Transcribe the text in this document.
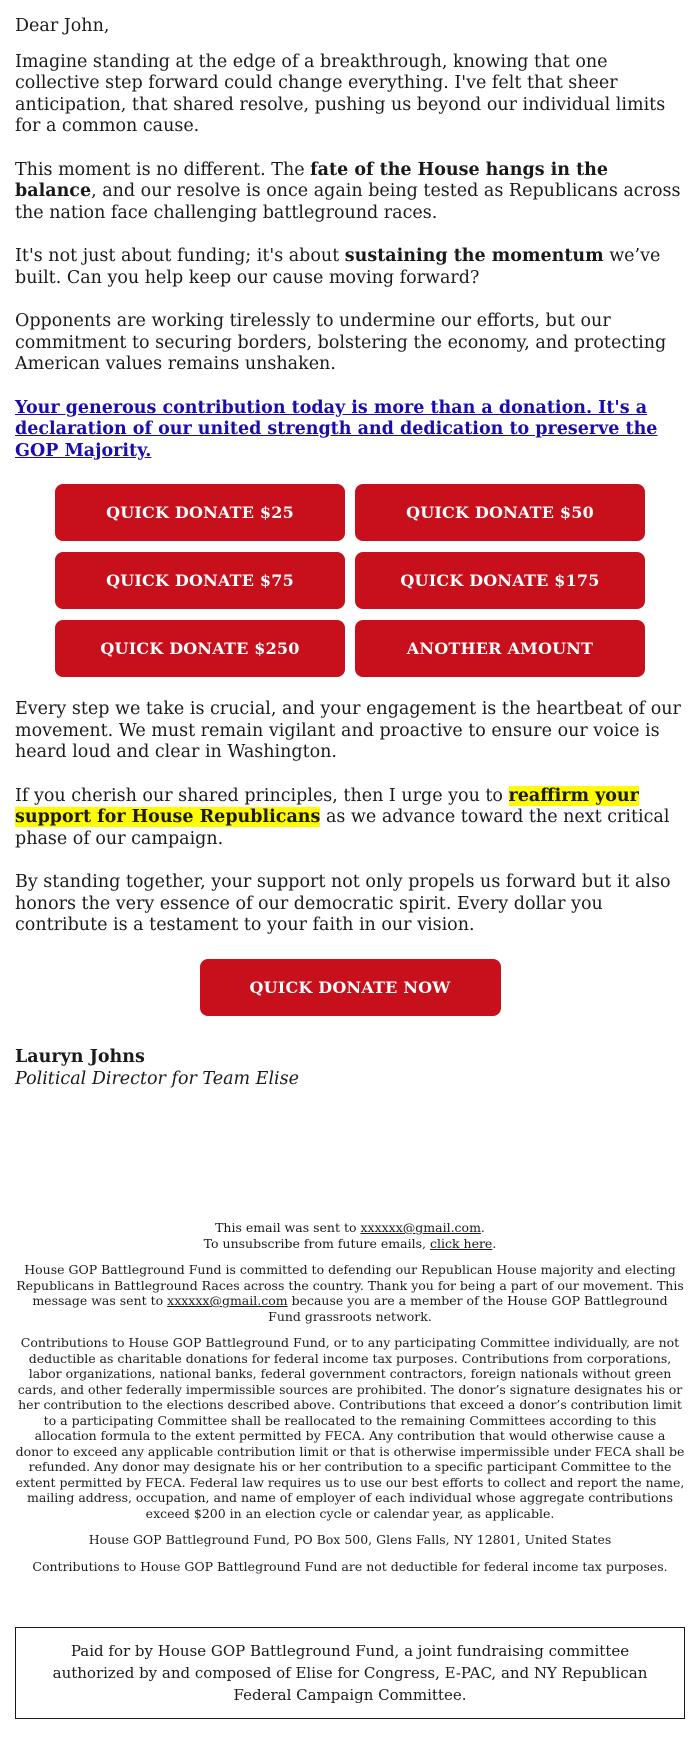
Dear John,

Imagine standing at the edge of a breakthrough, knowing that one collective step forward could change everything. I've felt that sheer anticipation, that shared resolve, pushing us beyond our individual limits for a common cause.

This moment is no different. The fate of the House hangs in the balance, and our resolve is once again being tested as Republicans across the nation face challenging battleground races.

It's not just about funding; it's about sustaining the momentum we’ve built. Can you help keep our cause moving forward?

Opponents are working tirelessly to undermine our efforts, but our commitment to securing borders, bolstering the economy, and protecting American values remains unshaken.

Your generous contribution today is more than a donation. It's a declaration of our united strength and dedication to preserve the GOP Majority.
QUICK DONATE $25	QUICK DONATE $50
QUICK DONATE $75	QUICK DONATE $175
QUICK DONATE $250	ANOTHER AMOUNT

Every step we take is crucial, and your engagement is the heartbeat of our movement. We must remain vigilant and proactive to ensure our voice is heard loud and clear in Washington.

If you cherish our shared principles, then I urge you to reaffirm your support for House Republicans as we advance toward the next critical phase of our campaign.

By standing together, your support not only propels us forward but it also honors the very essence of our democratic spirit. Every dollar you contribute is a testament to your faith in our vision.

QUICK DONATE NOW

Lauryn Johns

Political Director for Team Elise

This email was sent to xxxxxx@gmail.com.

To unsubscribe from future emails, click here.

House GOP Battleground Fund is committed to defending our Republican House majority and electing Republicans in Battleground Races across the country. Thank you for being a part of our movement. This message was sent to xxxxxx@gmail.com because you are a member of the House GOP Battleground Fund grassroots network.

Contributions to House GOP Battleground Fund, or to any participating Committee individually, are not deductible as charitable donations for federal income tax purposes. Contributions from corporations, labor organizations, national banks, federal government contractors, foreign nationals without green cards, and other federally impermissible sources are prohibited. The donor’s signature designates his or her contribution to the elections described above. Contributions that exceed a donor’s contribution limit to a participating Committee shall be reallocated to the remaining Committees according to this allocation formula to the extent permitted by FECA. Any contribution that would otherwise cause a donor to exceed any applicable contribution limit or that is otherwise impermissible under FECA shall be refunded. Any donor may designate his or her contribution to a specific participant Committee to the extent permitted by FECA. Federal law requires us to use our best efforts to collect and report the name, mailing address, occupation, and name of employer of each individual whose aggregate contributions exceed $200 in an election cycle or calendar year, as applicable.

House GOP Battleground Fund, PO Box 500, Glens Falls, NY 12801, United States

Contributions to House GOP Battleground Fund are not deductible for federal income tax purposes.

Paid for by House GOP Battleground Fund, a joint fundraising committee authorized by and composed of Elise for Congress, E-PAC, and NY Republican Federal Campaign Committee.
